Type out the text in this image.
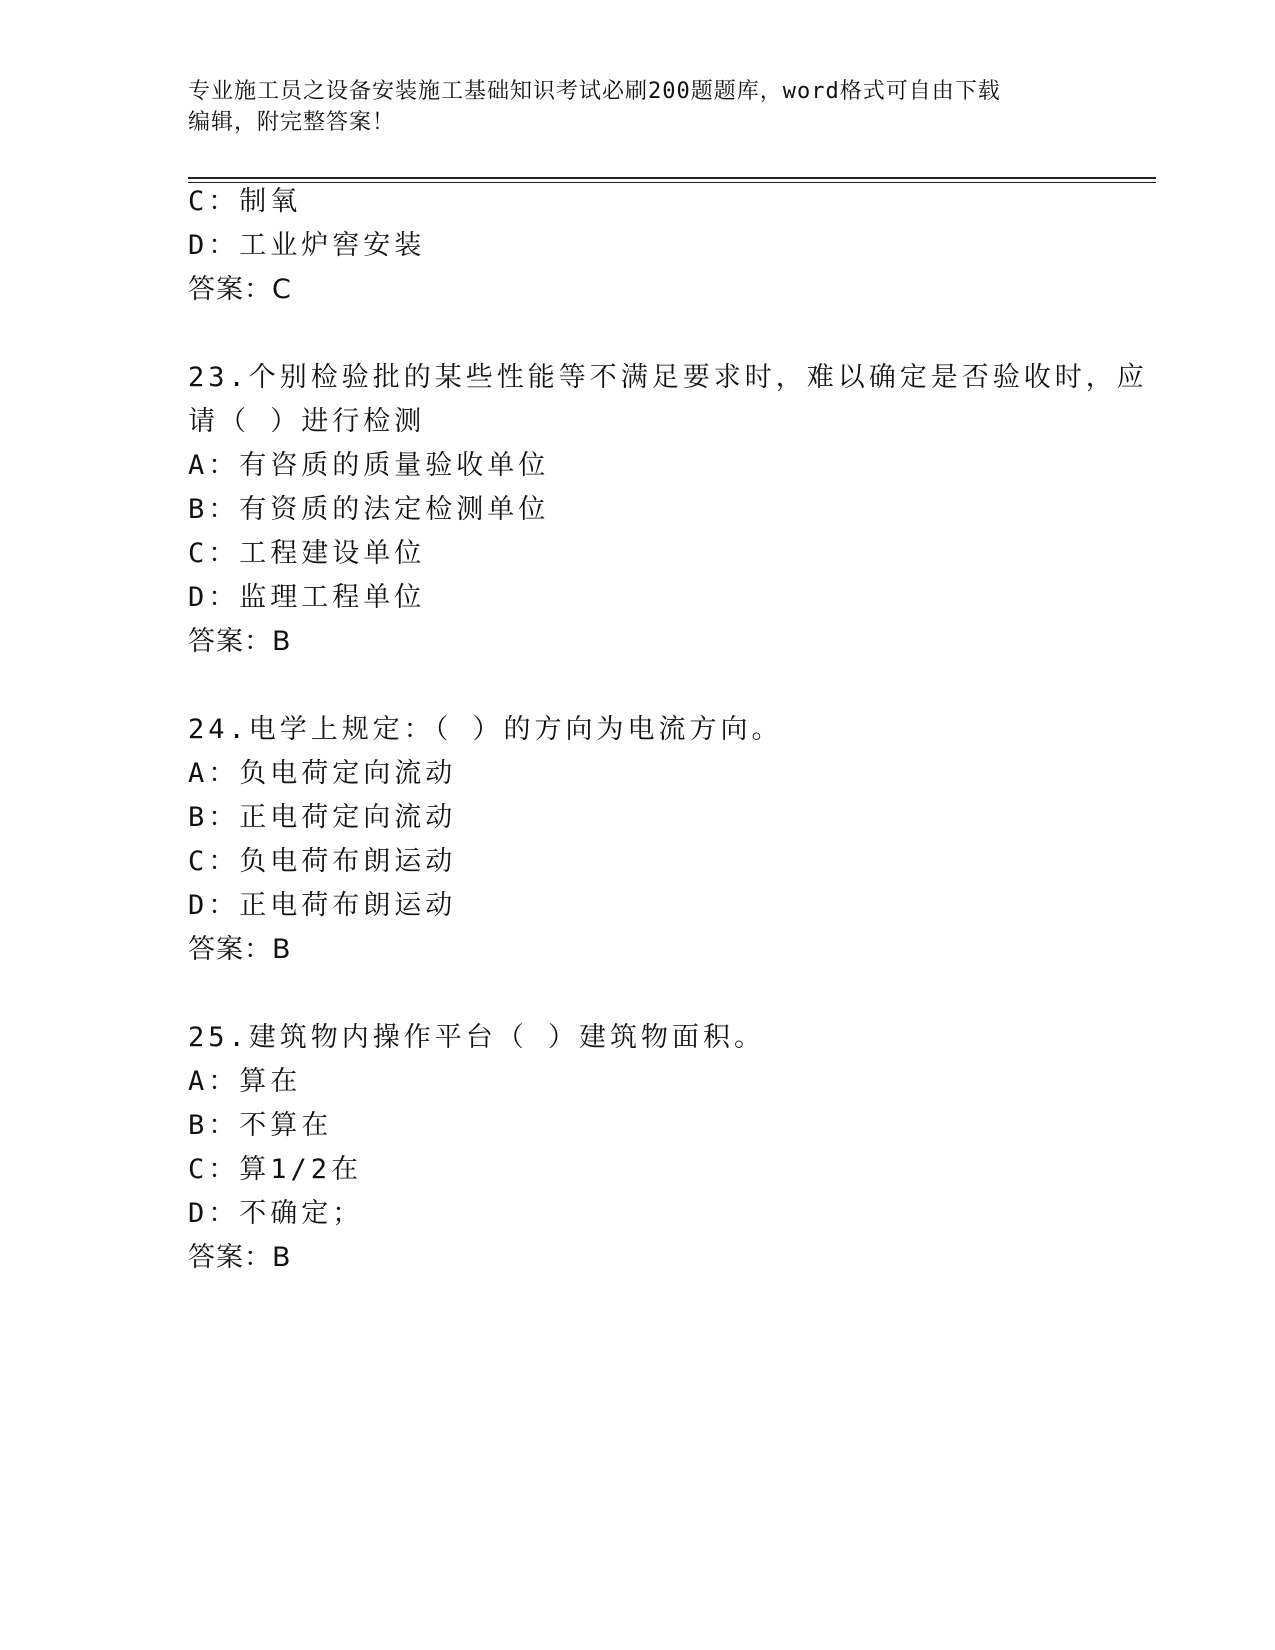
专业施工员之设备安装施工基础知识考试必刷200题题库，word格式可自由下载
编辑，附完整答案！
C：制氧
D：工业炉窖安装
答案：C
23.个别检验批的某些性能等不满足要求时，难以确定是否验收时，应
请（ ）进行检测
A：有咨质的质量验收单位
B：有资质的法定检测单位
C：工程建设单位
D：监理工程单位
答案：B
24.电学上规定：（ ）的方向为电流方向。
A：负电荷定向流动
B：正电荷定向流动
C：负电荷布朗运动
D：正电荷布朗运动
答案：B
25.建筑物内操作平台（ ）建筑物面积。
A：算在
B：不算在
C：算1/2在
D：不确定；
答案：B
